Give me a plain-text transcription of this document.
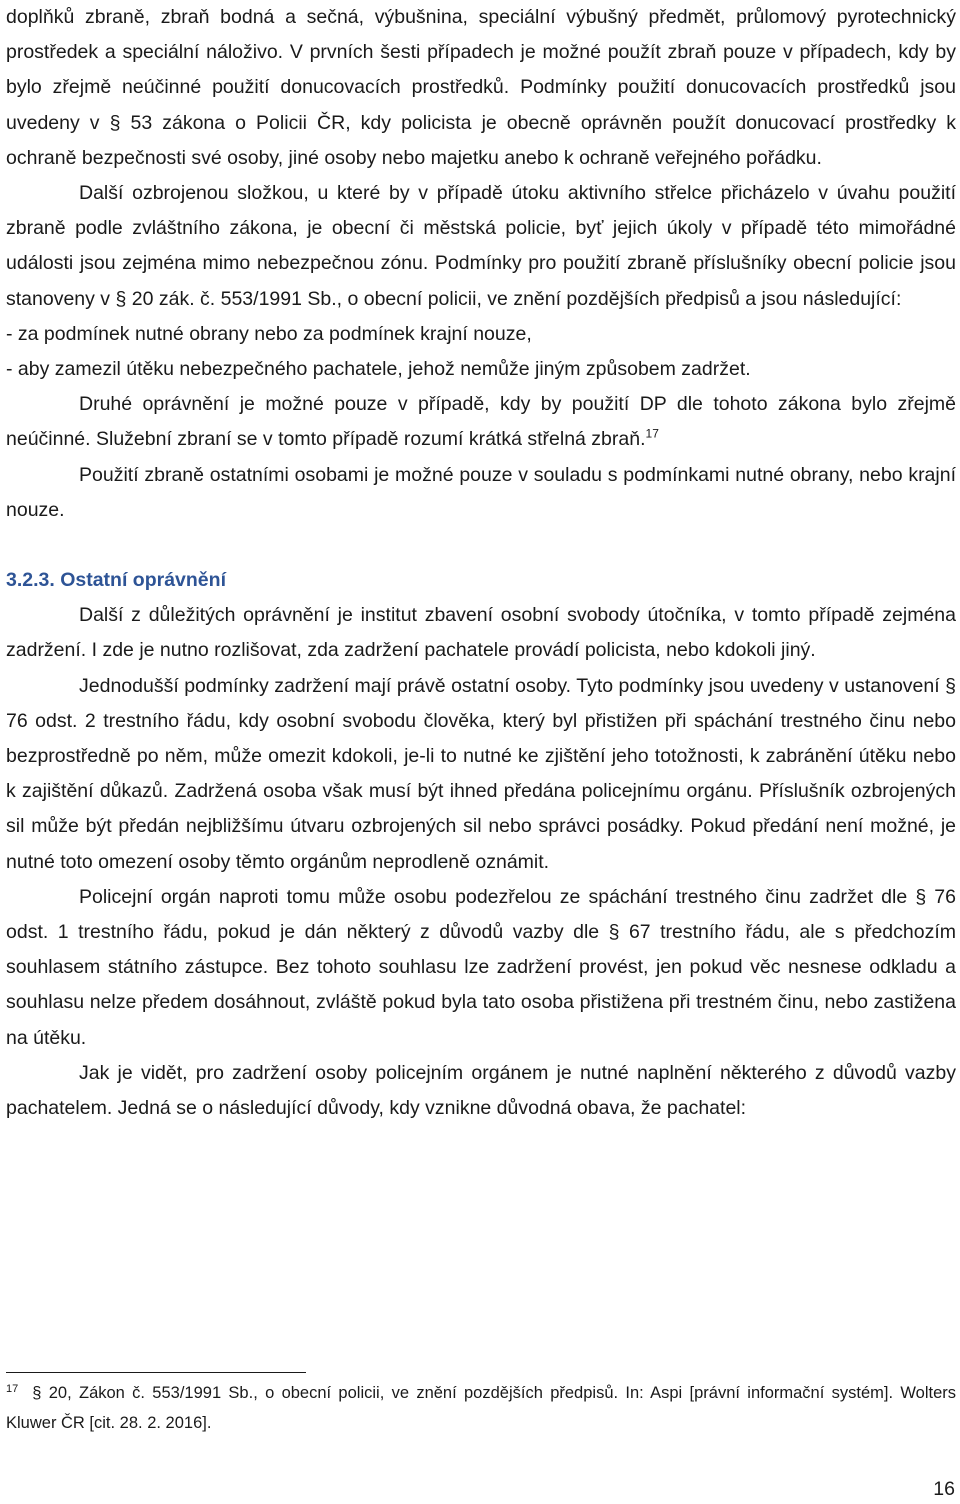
doplňků zbraně, zbraň bodná a sečná, výbušnina, speciální výbušný předmět, průlomový pyrotechnický prostředek a speciální náloživo. V prvních šesti případech je možné použít zbraň pouze v případech, kdy by bylo zřejmě neúčinné použití donucovacích prostředků. Podmínky použití donucovacích prostředků jsou uvedeny v § 53 zákona o Policii ČR, kdy policista je obecně oprávněn použít donucovací prostředky k ochraně bezpečnosti své osoby, jiné osoby nebo majetku anebo k ochraně veřejného pořádku.

Další ozbrojenou složkou, u které by v případě útoku aktivního střelce přicházelo v úvahu použití zbraně podle zvláštního zákona, je obecní či městská policie, byť jejich úkoly v případě této mimořádné události jsou zejména mimo nebezpečnou zónu. Podmínky pro použití zbraně příslušníky obecní policie jsou stanoveny v § 20 zák. č. 553/1991 Sb., o obecní policii, ve znění pozdějších předpisů a jsou následující:

- za podmínek nutné obrany nebo za podmínek krajní nouze,

- aby zamezil útěku nebezpečného pachatele, jehož nemůže jiným způsobem zadržet.

Druhé oprávnění je možné pouze v případě, kdy by použití DP dle tohoto zákona bylo zřejmě neúčinné. Služební zbraní se v tomto případě rozumí krátká střelná zbraň.$^{17}$

Použití zbraně ostatními osobami je možné pouze v souladu s podmínkami nutné obrany, nebo krajní nouze.

3.2.3. Ostatní oprávnění

Další z důležitých oprávnění je institut zbavení osobní svobody útočníka, v tomto případě zejména zadržení. I zde je nutno rozlišovat, zda zadržení pachatele provádí policista, nebo kdokoli jiný.

Jednodušší podmínky zadržení mají právě ostatní osoby. Tyto podmínky jsou uvedeny v ustanovení § 76 odst. 2 trestního řádu, kdy osobní svobodu člověka, který byl přistižen při spáchání trestného činu nebo bezprostředně po něm, může omezit kdokoli, je-li to nutné ke zjištění jeho totožnosti, k zabránění útěku nebo k zajištění důkazů. Zadržená osoba však musí být ihned předána policejnímu orgánu. Příslušník ozbrojených sil může být předán nejbližšímu útvaru ozbrojených sil nebo správci posádky. Pokud předání není možné, je nutné toto omezení osoby těmto orgánům neprodleně oznámit.

Policejní orgán naproti tomu může osobu podezřelou ze spáchání trestného činu zadržet dle § 76 odst. 1 trestního řádu, pokud je dán některý z důvodů vazby dle § 67 trestního řádu, ale s předchozím souhlasem státního zástupce. Bez tohoto souhlasu lze zadržení provést, jen pokud věc nesnese odkladu a souhlasu nelze předem dosáhnout, zvláště pokud byla tato osoba přistižena při trestném činu, nebo zastižena na útěku.

Jak je vidět, pro zadržení osoby policejním orgánem je nutné naplnění některého z důvodů vazby pachatelem. Jedná se o následující důvody, kdy vznikne důvodná obava, že pachatel:

$^{17}$ § 20, Zákon č. 553/1991 Sb., o obecní policii, ve znění pozdějších předpisů. In: Aspi [právní informační systém]. Wolters Kluwer ČR [cit. 28. 2. 2016].

16
